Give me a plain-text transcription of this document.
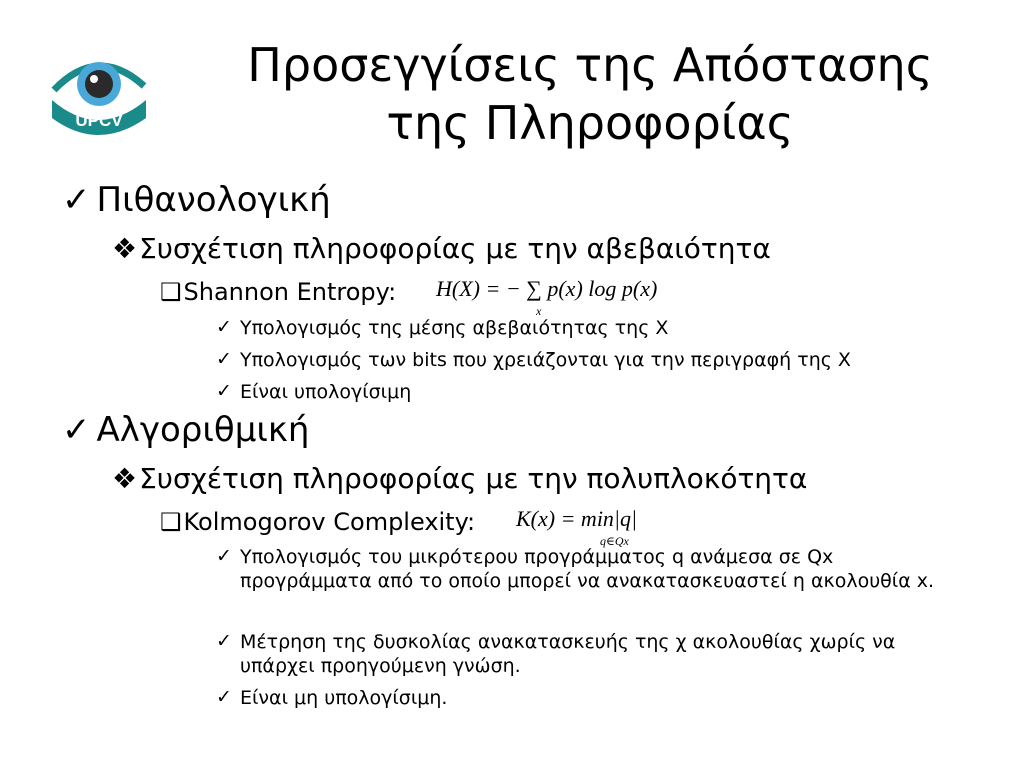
UPCV
Προσεγγίσεις της Απόστασης
της Πληροφορίας
✓ Πιθανολογική
❖Συσχέτιση πληροφορίας με την αβεβαιότητα
❑Shannon Entropy: H(X) = − ∑ p(x) log p(x)
x
✓ Υπολογισμός της μέσης αβεβαιότητας της X
✓ Υπολογισμός των bits που χρειάζονται για την περιγραφή της X
✓ Είναι υπολογίσιμη
✓ Αλγοριθμική
❖Συσχέτιση πληροφορίας με την πολυπλοκότητα
❑Kolmogorov Complexity: K(x) = min|q|
q∈Qx
✓ Υπολογισμός του μικρότερου προγράμματος q ανάμεσα σε Qx προγράμματα από το οποίο μπορεί να ανακατασκευαστεί η ακολουθία x.
✓ Μέτρηση της δυσκολίας ανακατασκευής της χ ακολουθίας χωρίς να υπάρχει προηγούμενη γνώση.
✓ Είναι μη υπολογίσιμη.
